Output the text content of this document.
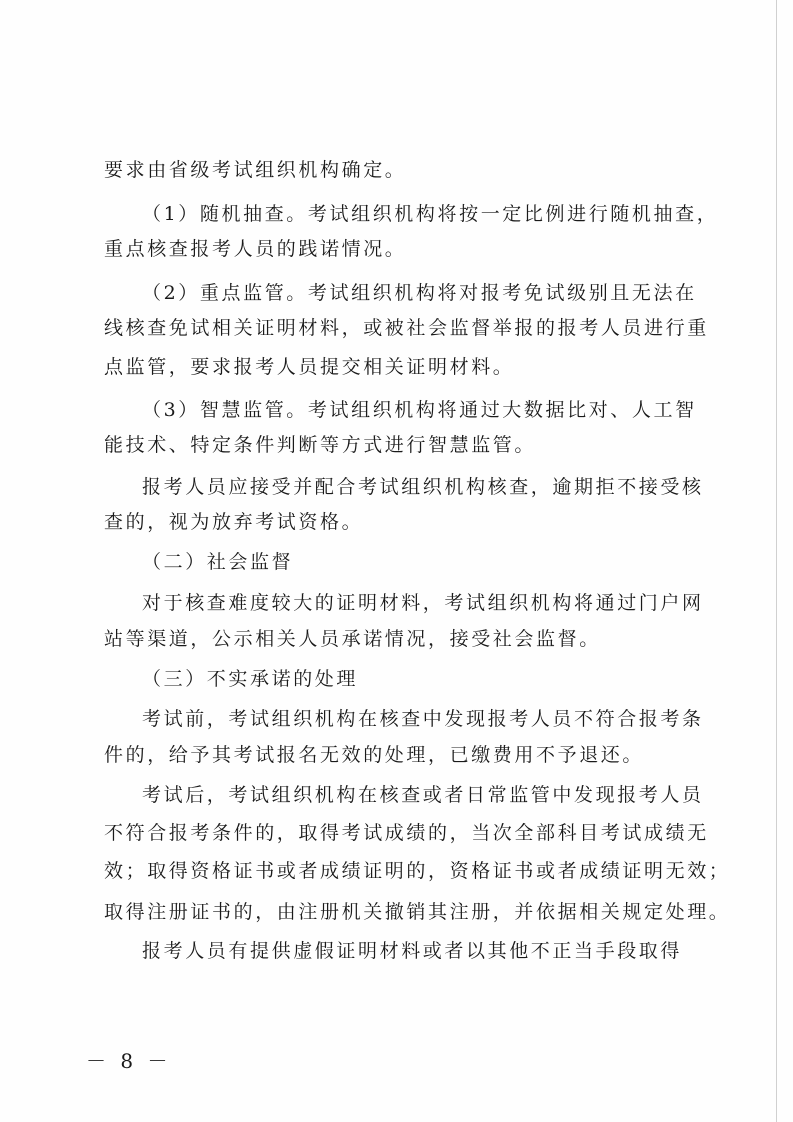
要求由省级考试组织机构确定。
（1）随机抽查。考试组织机构将按一定比例进行随机抽查，
重点核查报考人员的践诺情况。
（2）重点监管。考试组织机构将对报考免试级别且无法在
线核查免试相关证明材料，或被社会监督举报的报考人员进行重
点监管，要求报考人员提交相关证明材料。
（3）智慧监管。考试组织机构将通过大数据比对、人工智
能技术、特定条件判断等方式进行智慧监管。
报考人员应接受并配合考试组织机构核查，逾期拒不接受核
查的，视为放弃考试资格。
（二）社会监督
对于核查难度较大的证明材料，考试组织机构将通过门户网
站等渠道，公示相关人员承诺情况，接受社会监督。
（三）不实承诺的处理
考试前，考试组织机构在核查中发现报考人员不符合报考条
件的，给予其考试报名无效的处理，已缴费用不予退还。
考试后，考试组织机构在核查或者日常监管中发现报考人员
不符合报考条件的，取得考试成绩的，当次全部科目考试成绩无
效；取得资格证书或者成绩证明的，资格证书或者成绩证明无效；
取得注册证书的，由注册机关撤销其注册，并依据相关规定处理。
报考人员有提供虚假证明材料或者以其他不正当手段取得
－ 8 －
